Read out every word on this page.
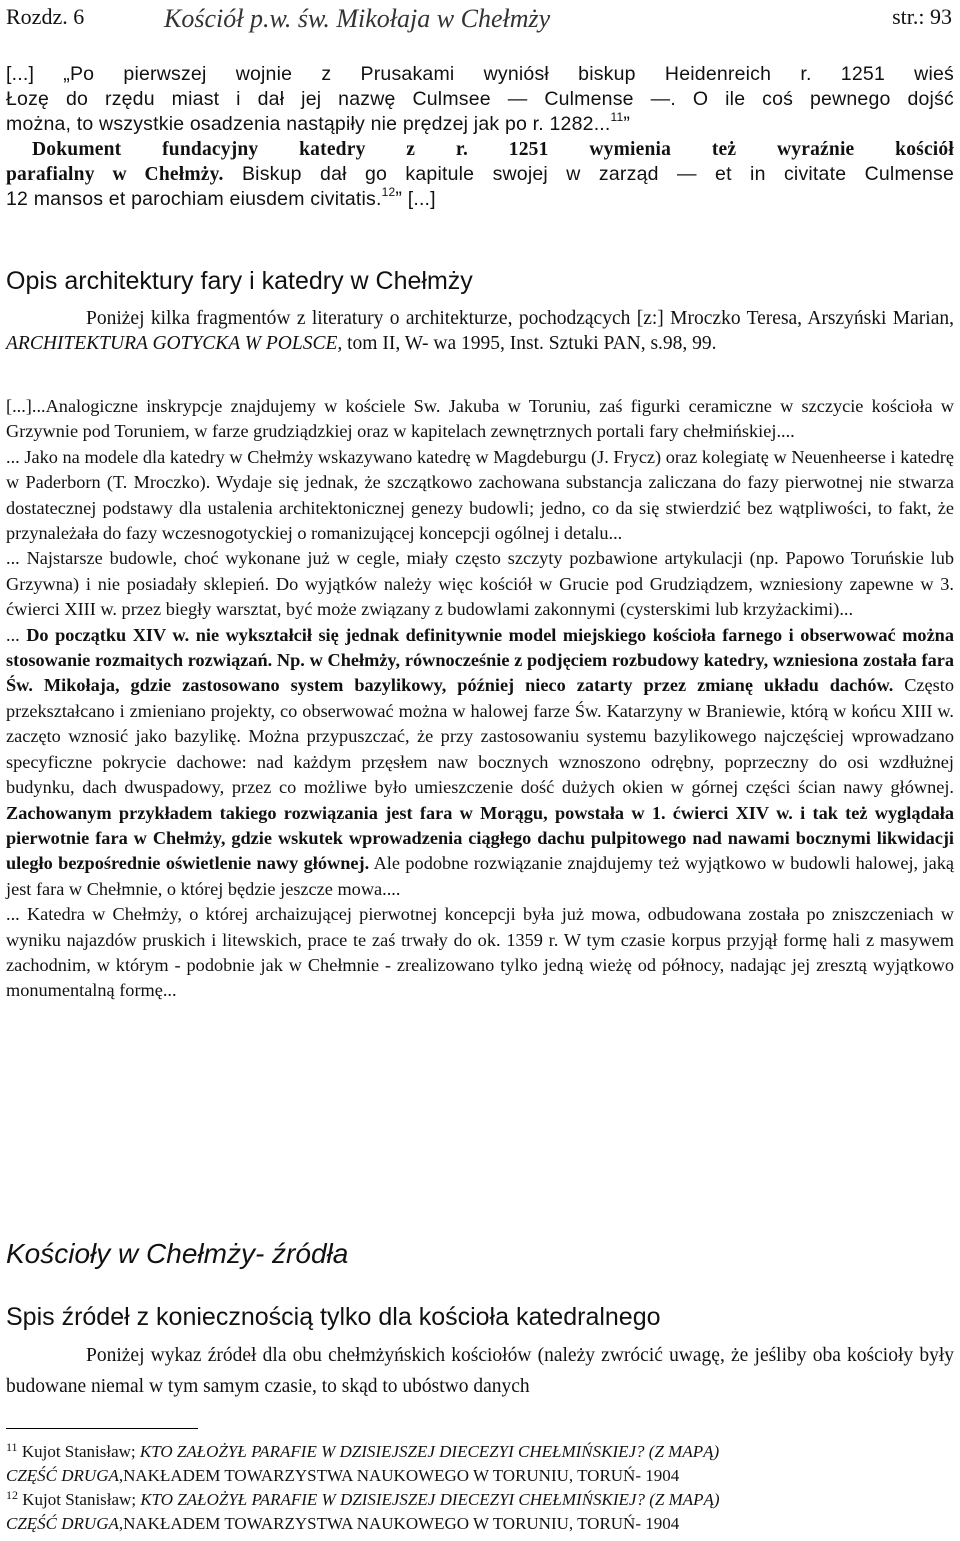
Rozdz. 6	Kościół p.w. św. Mikołaja w Chełmży	str.: 93

[...] „Po pierwszej wojnie z Prusakami wyniósł biskup Heidenreich r. 1251 wieś

Łozę do rzędu miast i dał jej nazwę Culmsee — Culmense —. O ile coś pewnego dojść

można, to wszystkie osadzenia nastąpiły nie prędzej jak po r. 1282...$^{11}$”

Dokument fundacyjny katedry z r. 1251 wymienia też wyraźnie kościół

parafialny w Chełmży. Biskup dał go kapitule swojej w zarząd — et in civitate Culmense

12 mansos et parochiam eiusdem civitatis.$^{12}$” [...]

Opis architektury fary i katedry w Chełmży

Poniżej kilka fragmentów z literatury o architekturze, pochodzących [z:] Mroczko Teresa, Arszyński Marian, ARCHITEKTURA GOTYCKA W POLSCE, tom II, W- wa 1995, Inst. Sztuki PAN, s.98, 99.

[...]...Analogiczne inskrypcje znajdujemy w kościele Sw. Jakuba w Toruniu, zaś figurki ceramiczne w szczycie kościoła w Grzywnie pod Toruniem, w farze grudziądzkiej oraz w kapitelach zewnętrznych portali fary chełmińskiej....

... Jako na modele dla katedry w Chełmży wskazywano katedrę w Magdeburgu (J. Frycz) oraz kolegiatę w Neuenheerse i katedrę w Paderborn (T. Mroczko). Wydaje się jednak, że szczątkowo zachowana substancja zaliczana do fazy pierwotnej nie stwarza dostatecznej podstawy dla ustalenia architektonicznej genezy budowli; jedno, co da się stwierdzić bez wątpliwości, to fakt, że przynależała do fazy wczesnogotyckiej o romanizującej koncepcji ogólnej i detalu...

... Najstarsze budowle, choć wykonane już w cegle, miały często szczyty pozbawione artykulacji (np. Papowo Toruńskie lub Grzywna) i nie posiadały sklepień. Do wyjątków należy więc kościół w Grucie pod Grudziądzem, wzniesiony zapewne w 3. ćwierci XIII w. przez biegły warsztat, być może związany z budowlami zakonnymi (cysterskimi lub krzyżackimi)...

... Do początku XIV w. nie wykształcił się jednak definitywnie model miejskiego kościoła farnego i obserwować można stosowanie rozmaitych rozwiązań. Np. w Chełmży, równocześnie z podjęciem rozbudowy katedry, wzniesiona została fara Św. Mikołaja, gdzie zastosowano system bazylikowy, później nieco zatarty przez zmianę układu dachów. Często przekształcano i zmieniano projekty, co obserwować można w halowej farze Św. Katarzyny w Braniewie, którą w końcu XIII w. zaczęto wznosić jako bazylikę. Można przypuszczać, że przy zastosowaniu systemu bazylikowego najczęściej wprowadzano specyficzne pokrycie dachowe: nad każdym przęsłem naw bocznych wznoszono odrębny, poprzeczny do osi wzdłużnej budynku, dach dwuspadowy, przez co możliwe było umieszczenie dość dużych okien w górnej części ścian nawy głównej. Zachowanym przykładem takiego rozwiązania jest fara w Morągu, powstała w 1. ćwierci XIV w. i tak też wyglądała pierwotnie fara w Chełmży, gdzie wskutek wprowadzenia ciągłego dachu pulpitowego nad nawami bocznymi likwidacji uległo bezpośrednie oświetlenie nawy głównej. Ale podobne rozwiązanie znajdujemy też wyjątkowo w budowli halowej, jaką jest fara w Chełmnie, o której będzie jeszcze mowa....

... Katedra w Chełmży, o której archaizującej pierwotnej koncepcji była już mowa, odbudowana została po zniszczeniach w wyniku najazdów pruskich i litewskich, prace te zaś trwały do ok. 1359 r. W tym czasie korpus przyjął formę hali z masywem zachodnim, w którym - podobnie jak w Chełmnie - zrealizowano tylko jedną wieżę od północy, nadając jej zresztą wyjątkowo monumentalną formę...

Kościoły w Chełmży- źródła
Spis źródeł z koniecznością tylko dla kościoła katedralnego

Poniżej wykaz źródeł dla obu chełmżyńskich kościołów (należy zwrócić uwagę, że jeśliby oba kościoły były budowane niemal w tym samym czasie, to skąd to ubóstwo danych

$^{11}$ Kujot Stanisław; KTO ZAŁOŻYŁ PARAFIE W DZISIEJSZEJ DIECEZYI CHEŁMIŃSKIEJ? (Z MAPĄ)
CZĘŚĆ DRUGA,NAKŁADEM TOWARZYSTWA NAUKOWEGO W TORUNIU, TORUŃ- 1904
$^{12}$ Kujot Stanisław; KTO ZAŁOŻYŁ PARAFIE W DZISIEJSZEJ DIECEZYI CHEŁMIŃSKIEJ? (Z MAPĄ)
CZĘŚĆ DRUGA,NAKŁADEM TOWARZYSTWA NAUKOWEGO W TORUNIU, TORUŃ- 1904
